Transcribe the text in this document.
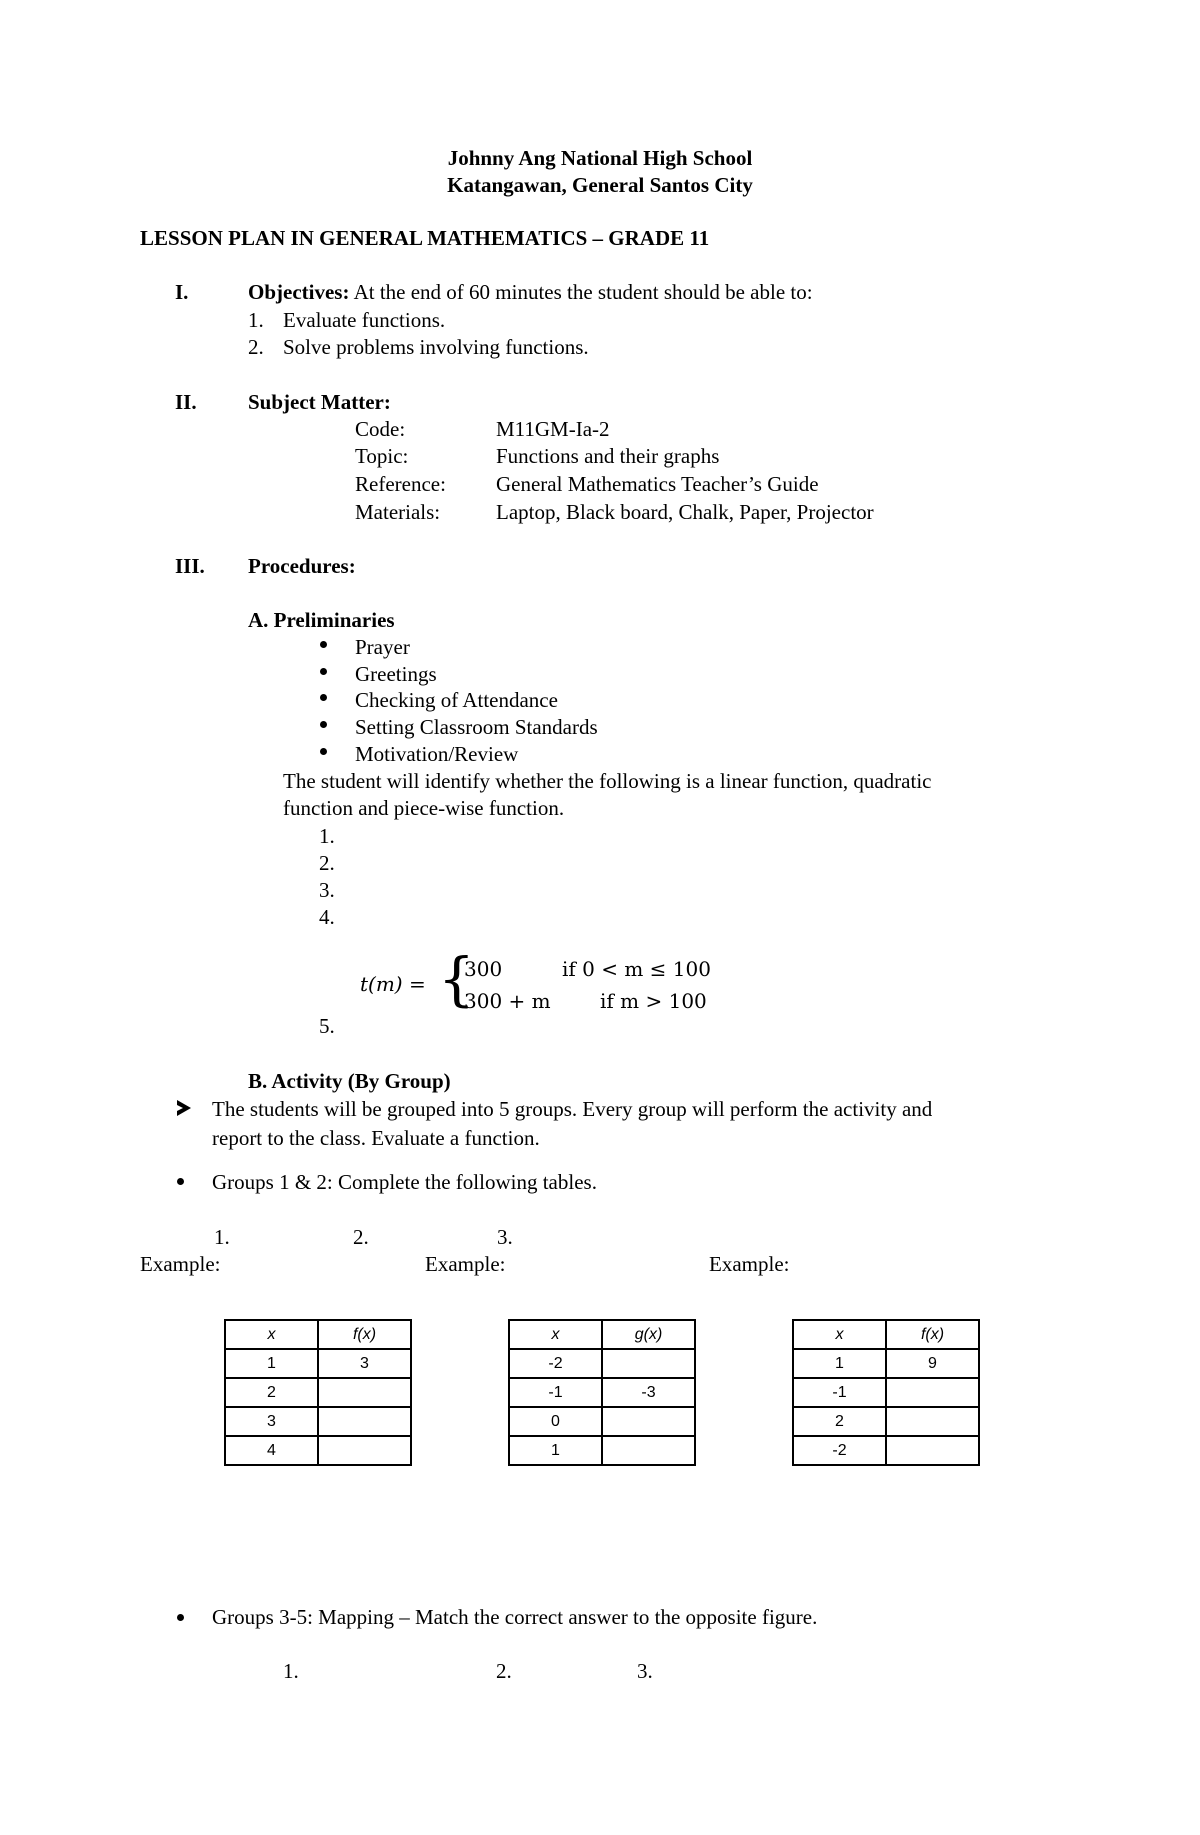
Johnny Ang National High School
Katangawan, General Santos City
LESSON PLAN IN GENERAL MATHEMATICS – GRADE 11
I.	Objectives: At the end of 60 minutes the student should be able to:
1. Evaluate functions.
2. Solve problems involving functions.
II. Subject Matter:
Code:	M11GM-Ia-2
Topic:	Functions and their graphs
Reference: General Mathematics Teacher’s Guide
Materials:	Laptop, Black board, Chalk, Paper, Projector
III. Procedures:
A. Preliminaries
Prayer
Greetings
Checking of Attendance
Setting Classroom Standards
Motivation/Review
The student will identify whether the following is a linear function, quadratic
function and piece-wise function.
1.
2.
3.
4.
t(m) = {
300	if 0 < m ≤ 100
300 + m if m > 100
5.
B. Activity (By Group)
The students will be grouped into 5 groups. Every group will perform the activity and
report to the class. Evaluate a function.
Groups 1 & 2: Complete the following tables.
1.	2.	3.
Example:	Example:	Example:
x	f(x)
1	3
2	
3	
4	
x	g(x)
-2	
-1	-3
0	
1	
x	f(x)
1	9
-1	
2	
-2	
Groups 3-5: Mapping – Match the correct answer to the opposite figure.
1.	2.	3.
